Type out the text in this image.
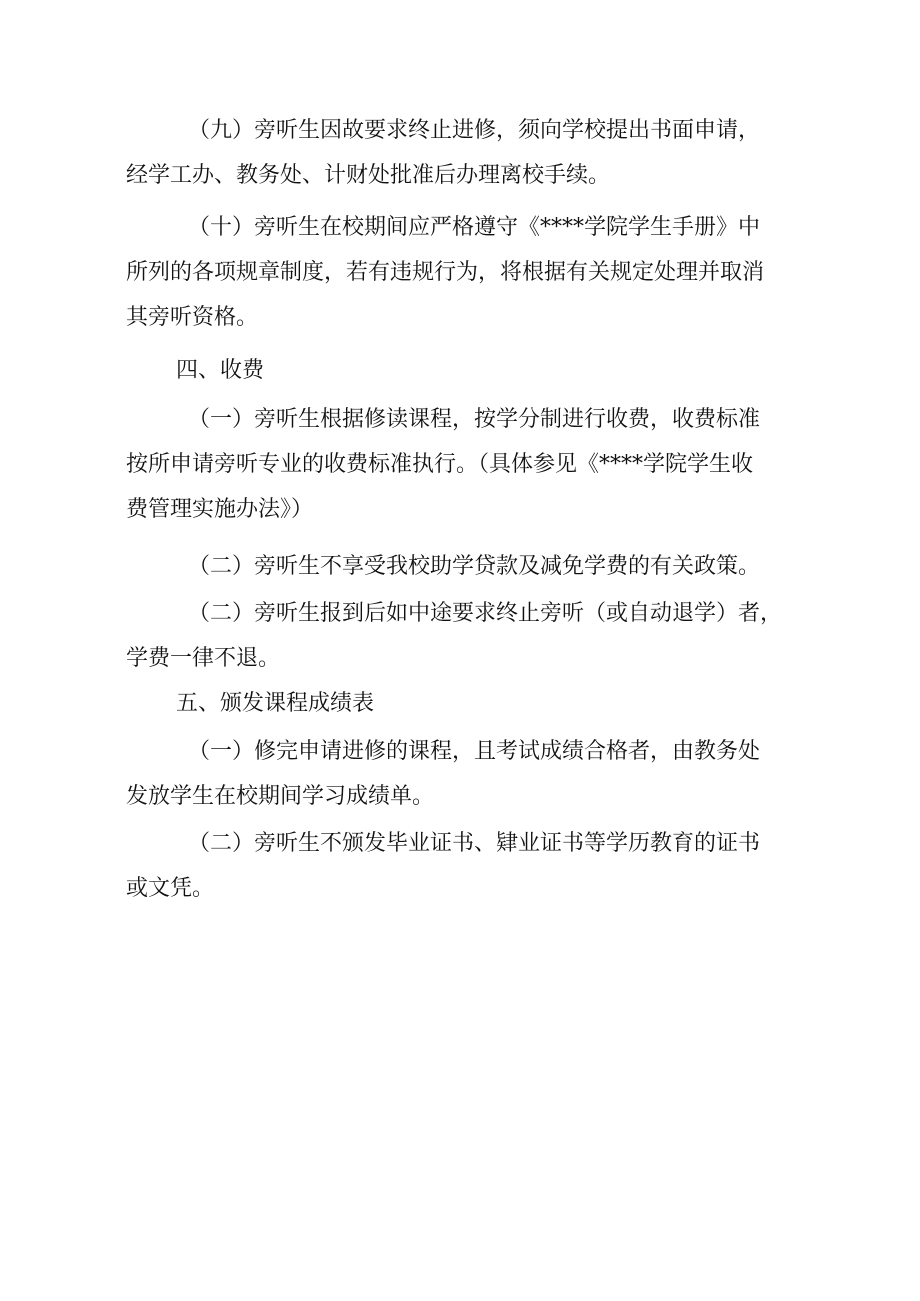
（九）旁听生因故要求终止进修，须向学校提出书面申请，
经学工办、教务处、计财处批准后办理离校手续。

（十）旁听生在校期间应严格遵守《****学院学生手册》中
所列的各项规章制度，若有违规行为，将根据有关规定处理并取消
其旁听资格。

四、收费

（一）旁听生根据修读课程，按学分制进行收费，收费标准
按所申请旁听专业的收费标准执行。（具体参见《****学院学生收
费管理实施办法》）

（二）旁听生不享受我校助学贷款及减免学费的有关政策。

（二）旁听生报到后如中途要求终止旁听（或自动退学）者，
学费一律不退。

五、颁发课程成绩表

（一）修完申请进修的课程，且考试成绩合格者，由教务处
发放学生在校期间学习成绩单。

（二）旁听生不颁发毕业证书、肄业证书等学历教育的证书
或文凭。
